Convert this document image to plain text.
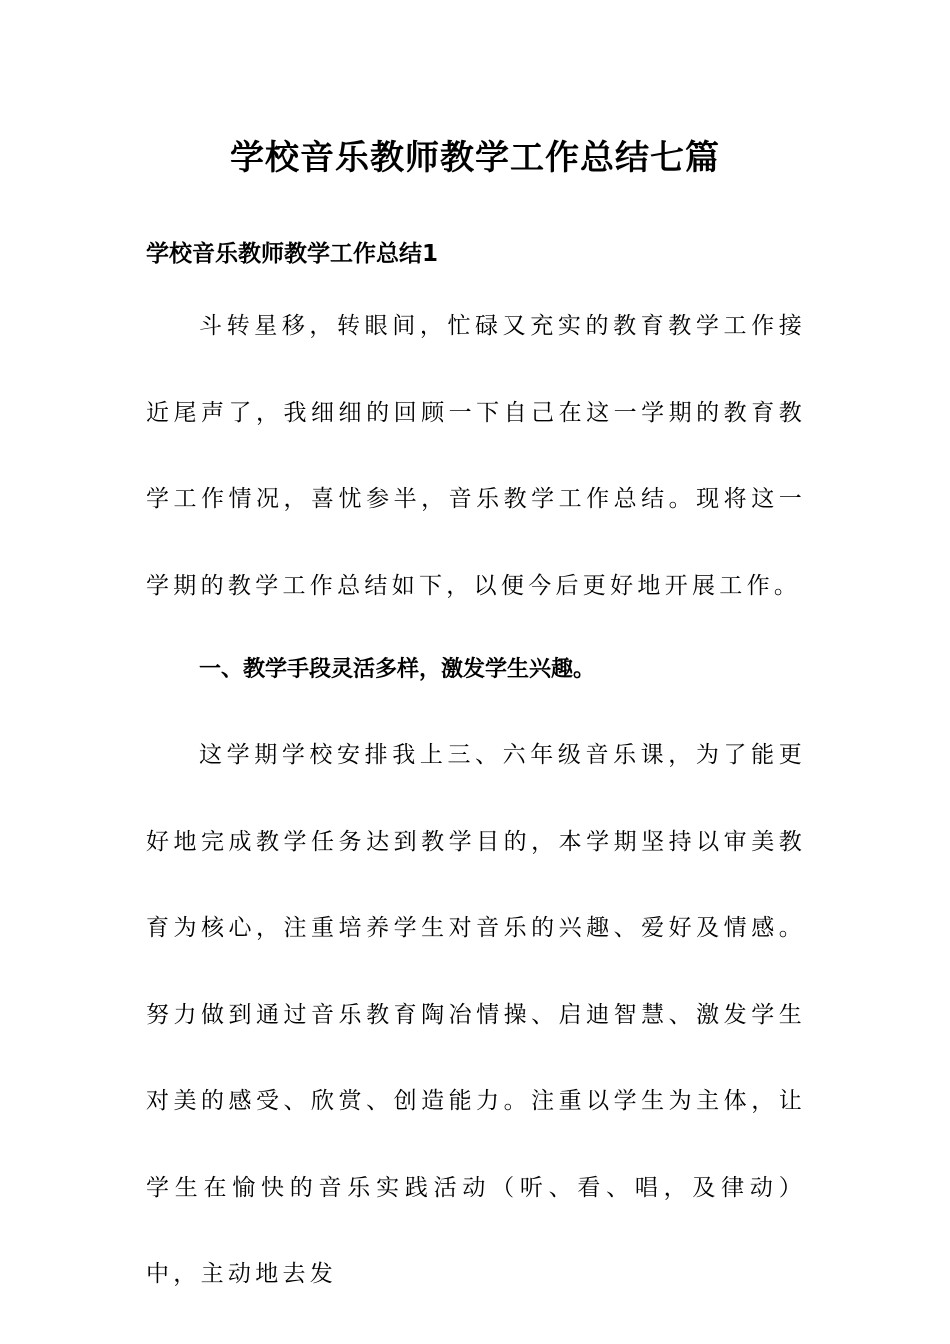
学校音乐教师教学工作总结七篇
学校音乐教师教学工作总结1

斗转星移，转眼间，忙碌又充实的教育教学工作接近尾声了，我细细的回顾一下自己在这一学期的教育教学工作情况，喜忧参半，音乐教学工作总结。现将这一学期的教学工作总结如下，以便今后更好地开展工作。

一、教学手段灵活多样，激发学生兴趣。

这学期学校安排我上三、六年级音乐课，为了能更好地完成教学任务达到教学目的，本学期坚持以审美教育为核心，注重培养学生对音乐的兴趣、爱好及情感。努力做到通过音乐教育陶冶情操、启迪智慧、激发学生对美的感受、欣赏、创造能力。注重以学生为主体，让学生在愉快的音乐实践活动（听、看、唱，及律动）中，主动地去发
